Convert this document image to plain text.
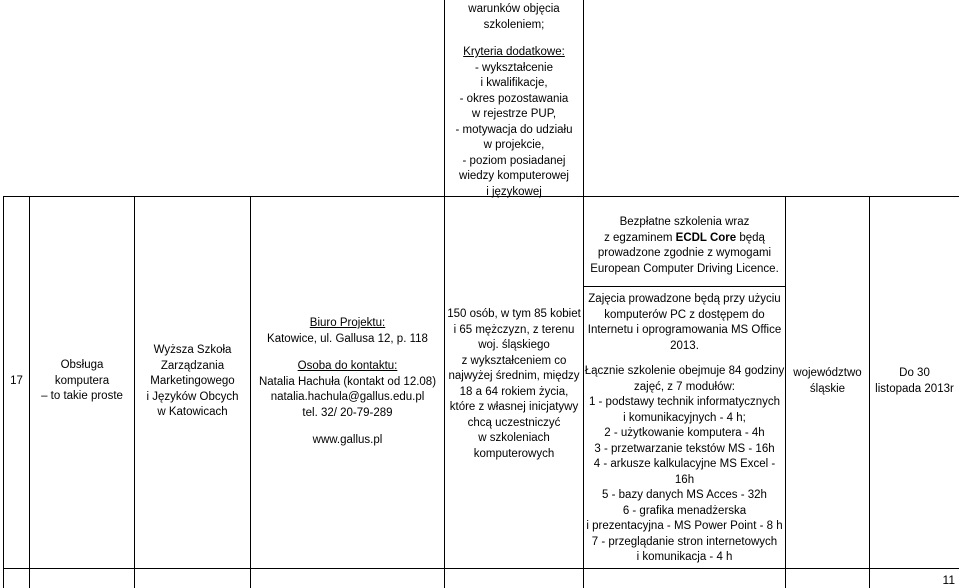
warunków objęcia
szkoleniem;
Kryteria dodatkowe:
- wykształcenie
i kwalifikacje,
- okres pozostawania
w rejestrze PUP,
- motywacja do udziału
w projekcie,
- poziom posiadanej
wiedzy komputerowej
i językowej
Bezpłatne szkolenia wraz
z egzaminem ECDL Core będą
prowadzone zgodnie z wymogami
European Computer Driving Licence.
17
Obsługa
komputera
– to takie proste
Wyższa Szkoła
Zarządzania
Marketingowego
i Języków Obcych
w Katowicach
Biuro Projektu:
Katowice, ul. Gallusa 12, p. 118
Osoba do kontaktu:
Natalia Hachuła (kontakt od 12.08)
natalia.hachula@gallus.edu.pl
tel. 32/ 20-79-289
www.gallus.pl
150 osób, w tym 85 kobiet
i 65 mężczyzn, z terenu
woj. śląskiego
z wykształceniem co
najwyżej średnim, między
18 a 64 rokiem życia,
które z własnej inicjatywy
chcą uczestniczyć
w szkoleniach
komputerowych
Zajęcia prowadzone będą przy użyciu
komputerów PC z dostępem do
Internetu i oprogramowania MS Office
2013.
Łącznie szkolenie obejmuje 84 godziny
zajęć, z 7 modułów:
1 - podstawy technik informatycznych
i komunikacyjnych - 4 h;
2 - użytkowanie komputera - 4h
3 - przetwarzanie tekstów MS - 16h
4 - arkusze kalkulacyjne MS Excel -
16h
5 - bazy danych MS Acces - 32h
6 - grafika menadżerska
i prezentacyjna - MS Power Point - 8 h
7 - przeglądanie stron internetowych
i komunikacja - 4 h
województwo
śląskie
Do 30
listopada 2013r
11
